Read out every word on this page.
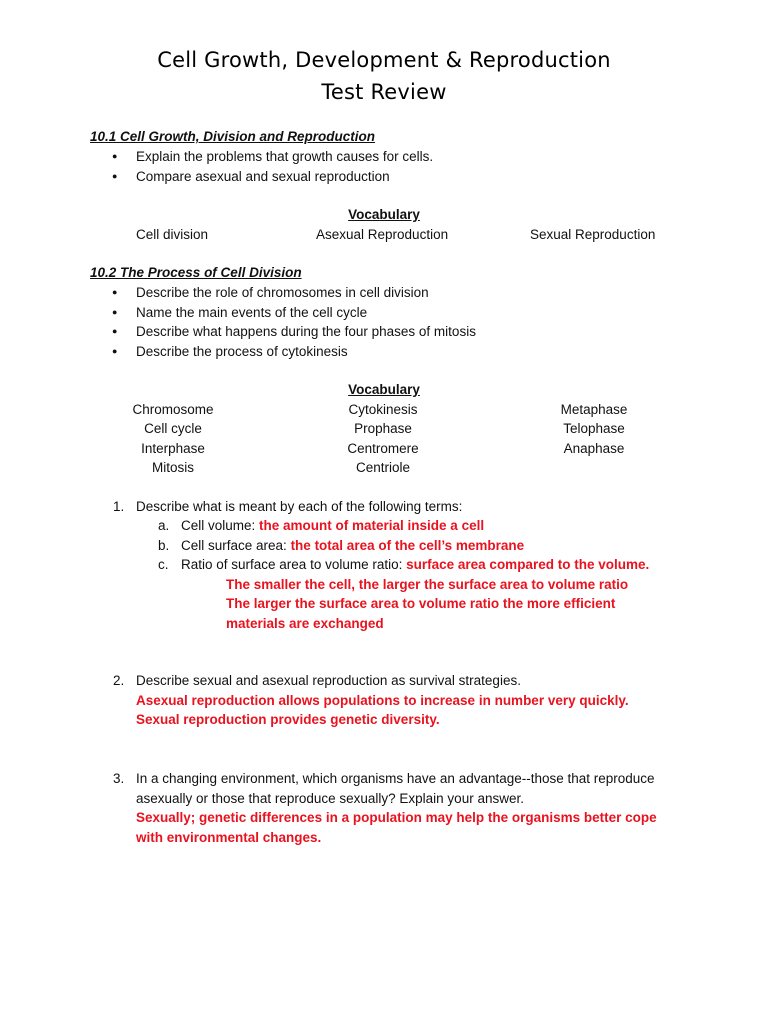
Cell Growth, Development & Reproduction
Test Review
10.1 Cell Growth, Division and Reproduction
● Explain the problems that growth causes for cells.
● Compare asexual and sexual reproduction
Vocabulary
Cell division	Asexual Reproduction	Sexual Reproduction
10.2 The Process of Cell Division
● Describe the role of chromosomes in cell division
● Name the main events of the cell cycle
● Describe what happens during the four phases of mitosis
● Describe the process of cytokinesis
Vocabulary
Chromosome
Cell cycle
Interphase
Mitosis
Cytokinesis
Prophase
Centromere
Centriole
Metaphase
Telophase
Anaphase
1. Describe what is meant by each of the following terms:
a. Cell volume: the amount of material inside a cell
b. Cell surface area: the total area of the cell’s membrane
c. Ratio of surface area to volume ratio: surface area compared to the volume.
The smaller the cell, the larger the surface area to volume ratio
The larger the surface area to volume ratio the more efficient
materials are exchanged
2. Describe sexual and asexual reproduction as survival strategies.
Asexual reproduction allows populations to increase in number very quickly.
Sexual reproduction provides genetic diversity.
3. In a changing environment, which organisms have an advantage--those that reproduce
asexually or those that reproduce sexually? Explain your answer.
Sexually; genetic differences in a population may help the organisms better cope
with environmental changes.
